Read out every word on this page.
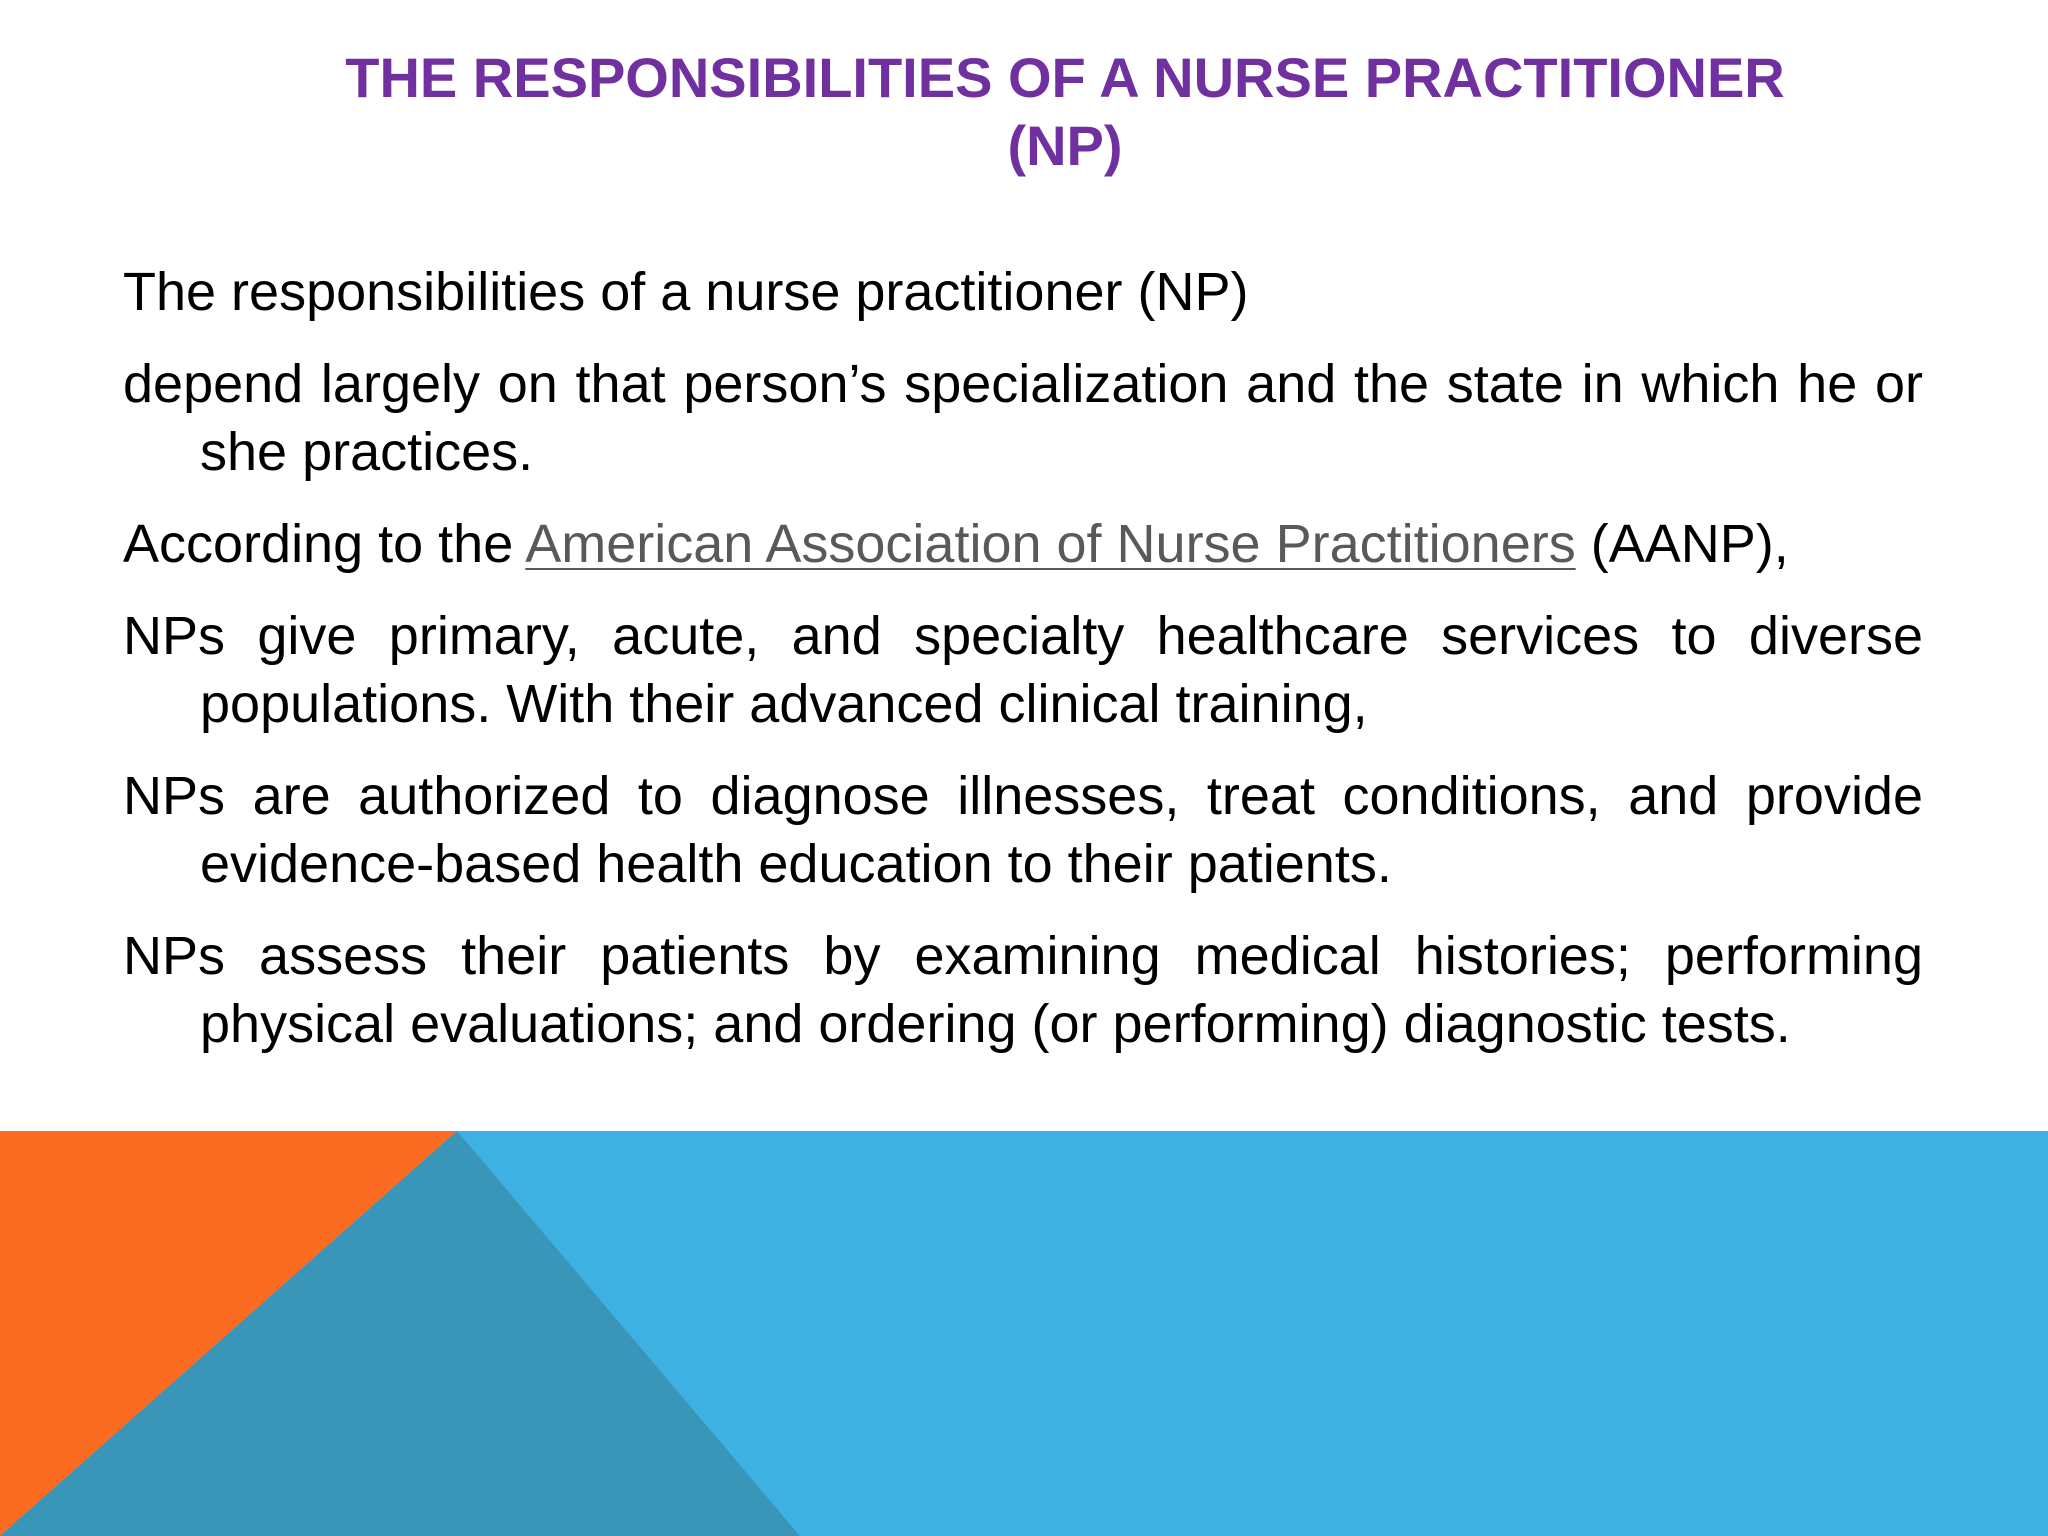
THE RESPONSIBILITIES OF A NURSE PRACTITIONER
(NP)

The responsibilities of a nurse practitioner (NP)

depend largely on that person’s specialization and the state in which he or she practices.

According to the American Association of Nurse Practitioners (AANP),

NPs give primary, acute, and specialty healthcare services to diverse populations. With their advanced clinical training,

NPs are authorized to diagnose illnesses, treat conditions, and provide evidence-based health education to their patients.

NPs assess their patients by examining medical histories; performing physical evaluations; and ordering (or performing) diagnostic tests.
